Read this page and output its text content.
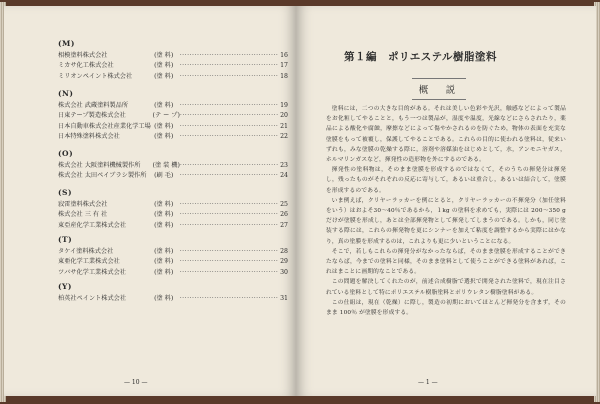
(M)
相模塗料株式会社	(塗 料)	········································ 16
ミカサ化工株式会社	(塗 料)	········································ 17
ミリオンペイント株式会社	(塗 料)	········································ 18
(N)
株式会社 武蔵塗料製品所	(塗 料)	········································ 19
日東テープ製造株式会社	(テ ー プ) ········································ 20
日本自動車株式会社産業化学工場 (塗 料)	········································ 21
日本特殊塗料株式会社	(塗 料)	········································ 22
(O)
株式会社 大阪塗料機械製作所	(塗 装 機) ········································ 23
株式会社 太田ペイブラシ製作所	(刷 毛)	········································ 24
(S)
寂雷塗料株式会社	(塗 料)	········································ 25
株式会社 三 有 社	(塗 料)	········································ 26
東亞産化学工業株式会社	(塗 料)	········································ 27
(T)
タケイ塗料株式会社	(塗 料)	········································ 28
東亜化学工業株式会社	(塗 料)	········································ 29
ツバサ化学工業株式会社	(塗 料)	········································ 30
(Y)
柏英社ペイント株式会社	(塗 料)	········································ 31
— 10 —
第１編　ポリエステル樹脂塗料
概　説

塗料には，二つの大きな目的がある。それは美しい色彩や光沢，触感などによって製品をお化粧してやることと，もう一つは製品が，湿度や温度，光線などにさらされたり，薬品による酸化や腐蝕，摩擦などによって傷やかされるのを防ぐため，物体の表面を充実な塗膜をもって被覆し，保護してやることである。これらの目的に使われる塗料は，従来いずれも，みな塗膜の乾燥する際に，溶剤や溶媒油をはじめとして，水，アンモニヤガス，ホルマリンガスなど，揮発性の造形物を外にするのである。

揮発性の塗料物は，そのまま塗膜を形成するのではなくて，そのうちの揮発分は揮発し，残ったものがそれぞれの反応に寄与して，あるいは重合し，あるいは結合して，塗膜を形成するのである。

いま例えば，クリヤーラッカーを例にとると，クリヤーラッカーの不揮発分（加任塗料をいう）はおよそ30～40％であるから，１kg の塗料を求めても，実際には 200～350 g だけが塗膜を形成し，あとは全部揮発物として揮発してしまうのである。しかも，同じ塗装する際には，これらの揮発物を更にシンナーを加えて粘度を調整するから実際にはかなり，真の塗膜を形成するのは，これよりも更に少いということになる。

そこで，若しもこれらの揮発分がなかったならば，そのまま塗膜を形成することができたならば，今までの塗料と同様，そのまま塗料として使うことができる塗料があれば，これはまことに画期的なことである。

この問題を解決してくれたのが，前述合成樹脂で選択で開発された塗料で，現在注目されている塗料として特にポリエステル樹脂塗料とポリウレタン樹脂塗料がある。

この仕組は，現在（乾燥）に際し，製造の初期においてほとんど揮発分を含まず，そのまま 100％ が塗膜を形成する。

— 1 —
